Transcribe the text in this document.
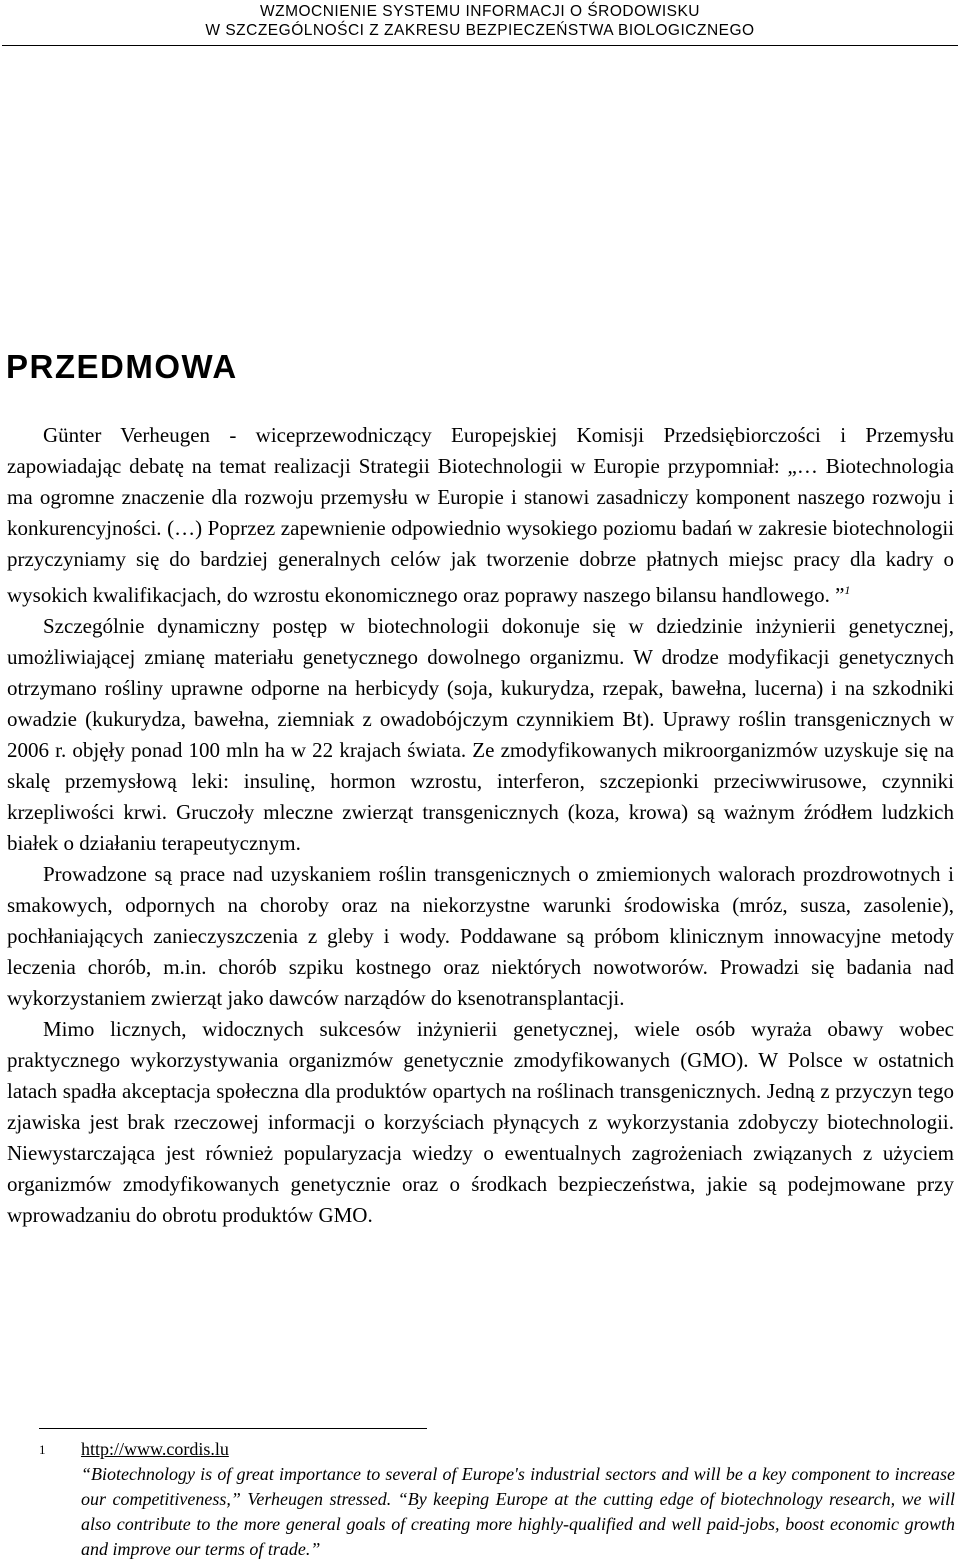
WZMOCNIENIE SYSTEMU INFORMACJI O ŚRODOWISKU
W SZCZEGÓLNOŚCI Z ZAKRESU BEZPIECZEŃSTWA BIOLOGICZNEGO
PRZEDMOWA

Günter Verheugen - wiceprzewodniczący Europejskiej Komisji Przedsiębiorczości i Przemysłu zapowiadając debatę na temat realizacji Strategii Biotechnologii w Europie przypomniał: „… Biotechnologia ma ogromne znaczenie dla rozwoju przemysłu w Europie i stanowi zasadniczy komponent naszego rozwoju i konkurencyjności. (…) Poprzez zapewnienie odpowiednio wysokiego poziomu badań w zakresie biotechnologii przyczyniamy się do bardziej generalnych celów jak tworzenie dobrze płatnych miejsc pracy dla kadry o wysokich kwalifikacjach, do wzrostu ekonomicznego oraz poprawy naszego bilansu handlowego. ”$^1$

Szczególnie dynamiczny postęp w biotechnologii dokonuje się w dziedzinie inżynierii genetycznej, umożliwiającej zmianę materiału genetycznego dowolnego organizmu. W drodze modyfikacji genetycznych otrzymano rośliny uprawne odporne na herbicydy (soja, kukurydza, rzepak, bawełna, lucerna) i na szkodniki owadzie (kukurydza, bawełna, ziemniak z owadobójczym czynnikiem Bt). Uprawy roślin transgenicznych w 2006 r. objęły ponad 100 mln ha w 22 krajach świata. Ze zmodyfikowanych mikroorganizmów uzyskuje się na skalę przemysłową leki: insulinę, hormon wzrostu, interferon, szczepionki przeciwwirusowe, czynniki krzepliwości krwi. Gruczoły mleczne zwierząt transgenicznych (koza, krowa) są ważnym źródłem ludzkich białek o działaniu terapeutycznym.

Prowadzone są prace nad uzyskaniem roślin transgenicznych o zmiemionych walorach prozdrowotnych i smakowych, odpornych na choroby oraz na niekorzystne warunki środowiska (mróz, susza, zasolenie), pochłaniających zanieczyszczenia z gleby i wody. Poddawane są próbom klinicznym innowacyjne metody leczenia chorób, m.in. chorób szpiku kostnego oraz niektórych nowotworów. Prowadzi się badania nad wykorzystaniem zwierząt jako dawców narządów do ksenotransplantacji.

Mimo licznych, widocznych sukcesów inżynierii genetycznej, wiele osób wyraża obawy wobec praktycznego wykorzystywania organizmów genetycznie zmodyfikowanych (GMO). W Polsce w ostatnich latach spadła akceptacja społeczna dla produktów opartych na roślinach transgenicznych. Jedną z przyczyn tego zjawiska jest brak rzeczowej informacji o korzyściach płynących z wykorzystania zdobyczy biotechnologii. Niewystarczająca jest również popularyzacja wiedzy o ewentualnych zagrożeniach związanych z użyciem organizmów zmodyfikowanych genetycznie oraz o środkach bezpieczeństwa, jakie są podejmowane przy wprowadzaniu do obrotu produktów GMO.

1	http://www.cordis.lu
“Biotechnology is of great importance to several of Europe's industrial sectors and will be a key component to increase our competitiveness,” Verheugen stressed. “By keeping Europe at the cutting edge of biotechnology research, we will also contribute to the more general goals of creating more highly-qualified and well paid-jobs, boost economic growth and improve our terms of trade.”
